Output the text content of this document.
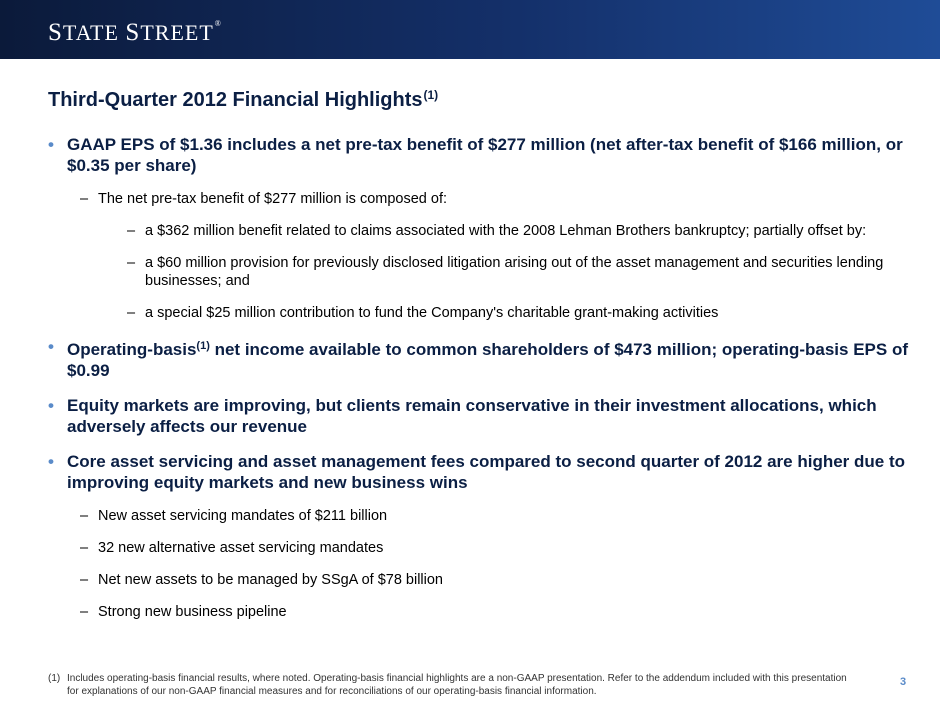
STATE STREET®
Third-Quarter 2012 Financial Highlights$^{(1)}$
• GAAP EPS of $1.36 includes a net pre-tax benefit of $277 million (net after-tax benefit of $166 million, or $0.35 per share)
– The net pre-tax benefit of $277 million is composed of:
– a $362 million benefit related to claims associated with the 2008 Lehman Brothers bankruptcy; partially offset by:
– a $60 million provision for previously disclosed litigation arising out of the asset management and securities lending businesses; and
– a special $25 million contribution to fund the Company's charitable grant-making activities
• Operating-basis$^{(1)}$ net income available to common shareholders of $473 million; operating-basis EPS of $0.99
• Equity markets are improving, but clients remain conservative in their investment allocations, which adversely affects our revenue
• Core asset servicing and asset management fees compared to second quarter of 2012 are higher due to improving equity markets and new business wins
– New asset servicing mandates of $211 billion
– 32 new alternative asset servicing mandates
– Net new assets to be managed by SSgA of $78 billion
– Strong new business pipeline
(1) Includes operating-basis financial results, where noted. Operating-basis financial highlights are a non-GAAP presentation. Refer to the addendum included with this presentation for explanations of our non-GAAP financial measures and for reconciliations of our operating-basis financial information.
3
